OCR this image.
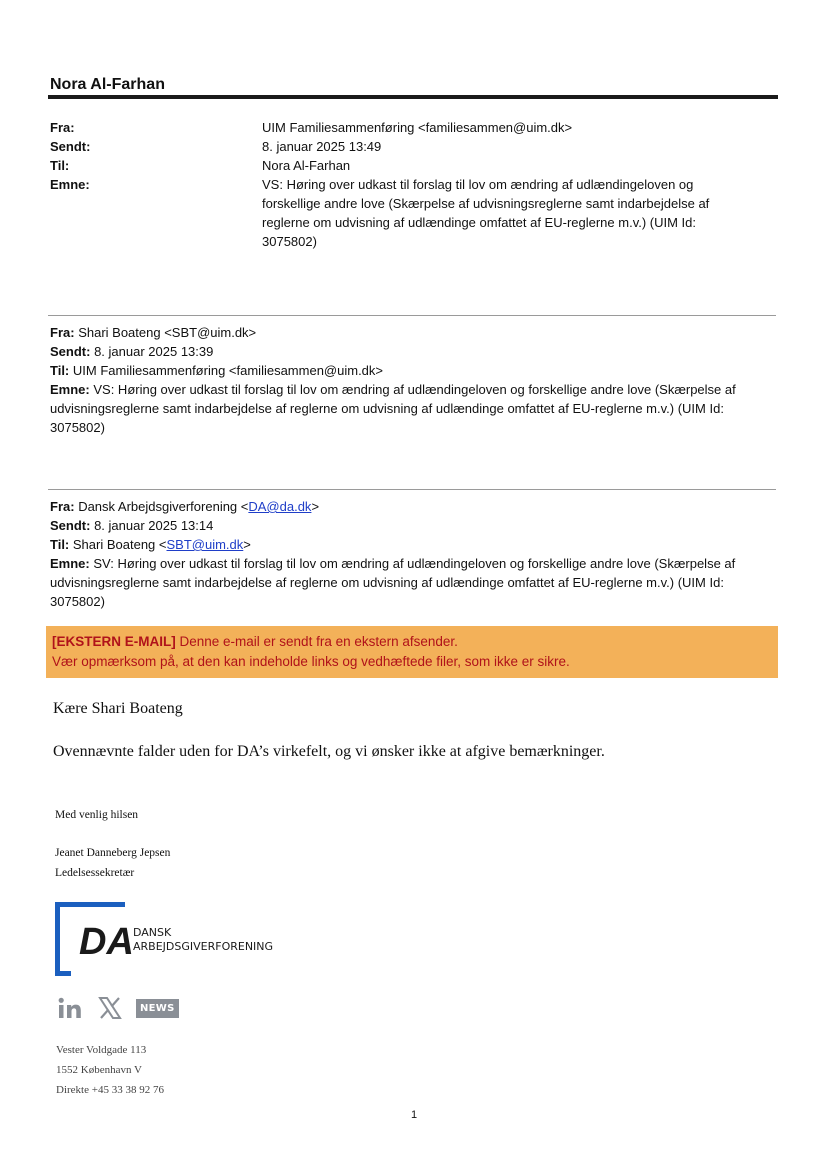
Nora Al-Farhan
Fra:	UIM Familiesammenføring <familiesammen@uim.dk>
Sendt:	8. januar 2025 13:49
Til:	Nora Al-Farhan
Emne:	VS: Høring over udkast til forslag til lov om ændring af udlændingeloven og forskellige andre love (Skærpelse af udvisningsreglerne samt indarbejdelse af reglerne om udvisning af udlændinge omfattet af EU-reglerne m.v.) (UIM Id: 3075802)
Fra: Shari Boateng <SBT@uim.dk>
Sendt: 8. januar 2025 13:39
Til: UIM Familiesammenføring <familiesammen@uim.dk>
Emne: VS: Høring over udkast til forslag til lov om ændring af udlændingeloven og forskellige andre love (Skærpelse af udvisningsreglerne samt indarbejdelse af reglerne om udvisning af udlændinge omfattet af EU-reglerne m.v.) (UIM Id: 3075802)
Fra: Dansk Arbejdsgiverforening <DA@da.dk>
Sendt: 8. januar 2025 13:14
Til: Shari Boateng <SBT@uim.dk>
Emne: SV: Høring over udkast til forslag til lov om ændring af udlændingeloven og forskellige andre love (Skærpelse af udvisningsreglerne samt indarbejdelse af reglerne om udvisning af udlændinge omfattet af EU-reglerne m.v.) (UIM Id: 3075802)
[EKSTERN E-MAIL] Denne e-mail er sendt fra en ekstern afsender.
Vær opmærksom på, at den kan indeholde links og vedhæftede filer, som ikke er sikre.
Kære Shari Boateng
Ovennævnte falder uden for DA’s virkefelt, og vi ønsker ikke at afgive bemærkninger.
Med venlig hilsen
Jeanet Danneberg Jepsen
Ledelsessekretær
DA DANSK
ARBEJDSGIVERFORENING
NEWS
Vester Voldgade 113
1552 København V
Direkte +45 33 38 92 76
1
